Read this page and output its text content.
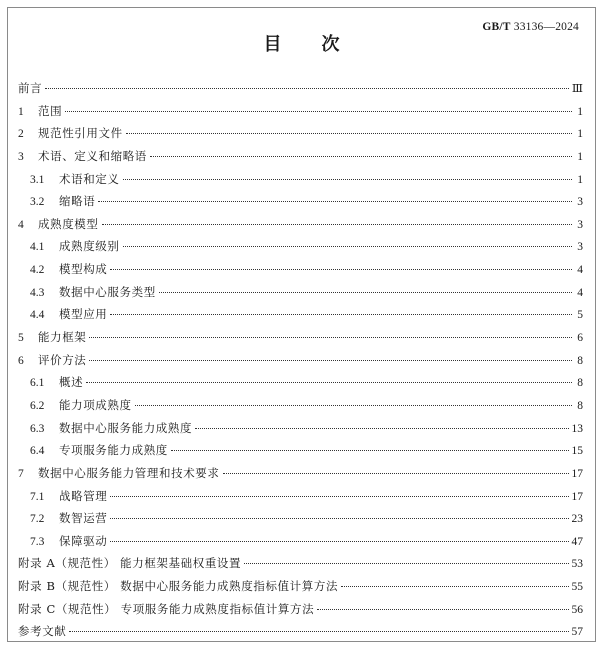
GB/T 33136—2024
目 次
前言	Ⅲ
1	范围	1
2	规范性引用文件	1
3	术语、定义和缩略语	1
3.1	术语和定义	1
3.2	缩略语	3
4	成熟度模型	3
4.1	成熟度级别	3
4.2	模型构成	4
4.3	数据中心服务类型	4
4.4	模型应用	5
5	能力框架	6
6	评价方法	8
6.1	概述	8
6.2	能力项成熟度	8
6.3	数据中心服务能力成熟度	13
6.4	专项服务能力成熟度	15
7	数据中心服务能力管理和技术要求	17
7.1	战略管理	17
7.2	数智运营	23
7.3	保障驱动	47
附录 A（规范性） 能力框架基础权重设置	53
附录 B（规范性） 数据中心服务能力成熟度指标值计算方法	55
附录 C（规范性） 专项服务能力成熟度指标值计算方法	56
参考文献	57
